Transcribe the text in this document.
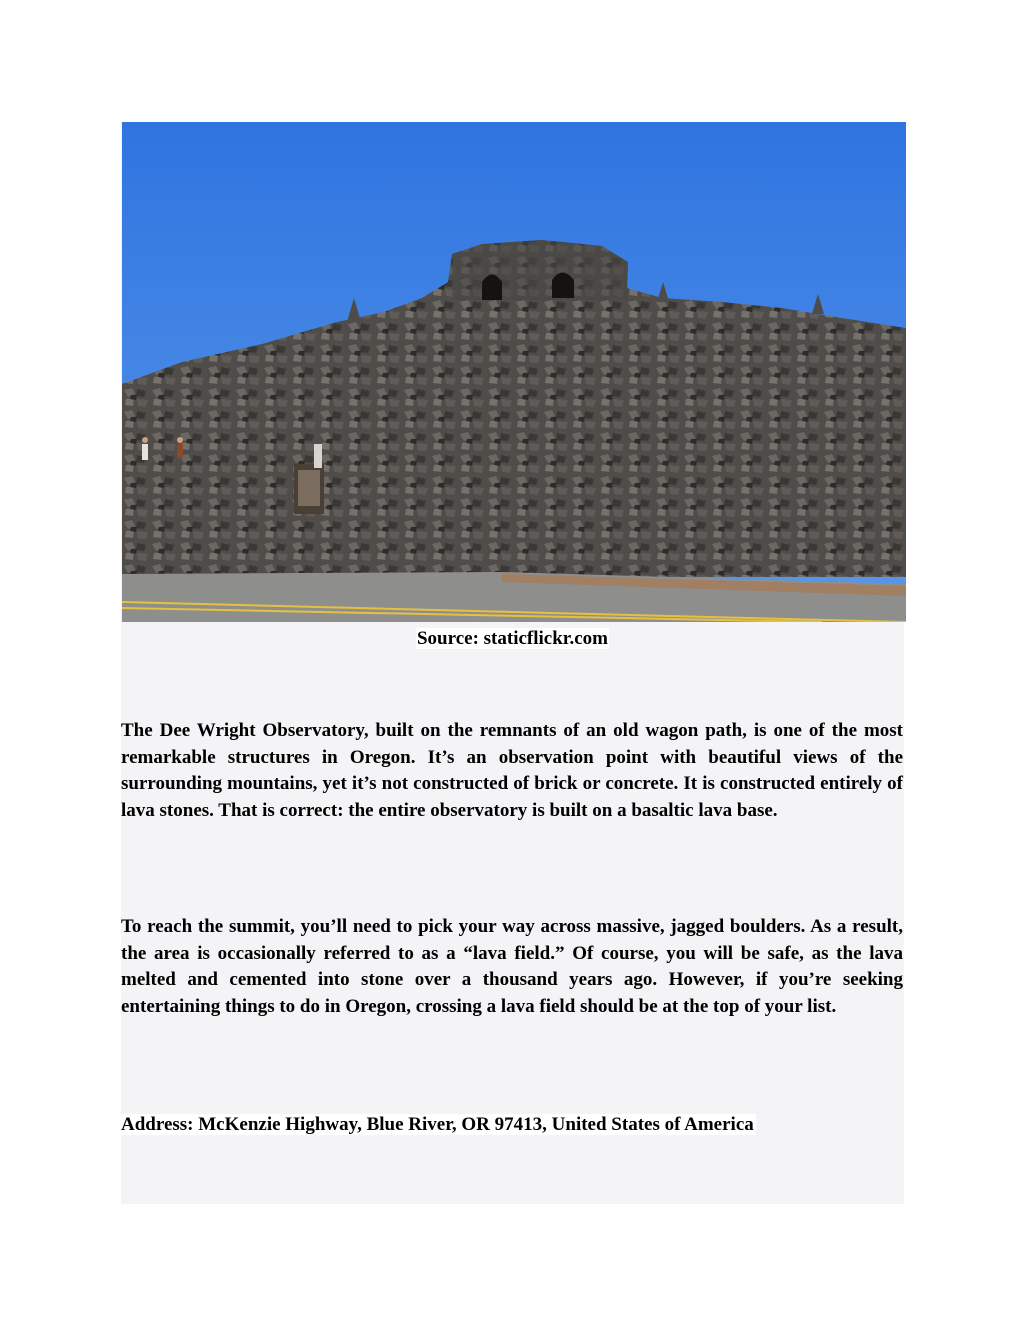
Source: staticflickr.com

The Dee Wright Observatory, built on the remnants of an old wagon path, is one of the most remarkable structures in Oregon. It’s an observation point with beautiful views of the surrounding mountains, yet it’s not constructed of brick or concrete. It is constructed entirely of lava stones. That is correct: the entire observatory is built on a basaltic lava base.

To reach the summit, you’ll need to pick your way across massive, jagged boulders. As a result, the area is occasionally referred to as a “lava field.” Of course, you will be safe, as the lava melted and cemented into stone over a thousand years ago. However, if you’re seeking entertaining things to do in Oregon, crossing a lava field should be at the top of your list.

Address: McKenzie Highway, Blue River, OR 97413, United States of America
